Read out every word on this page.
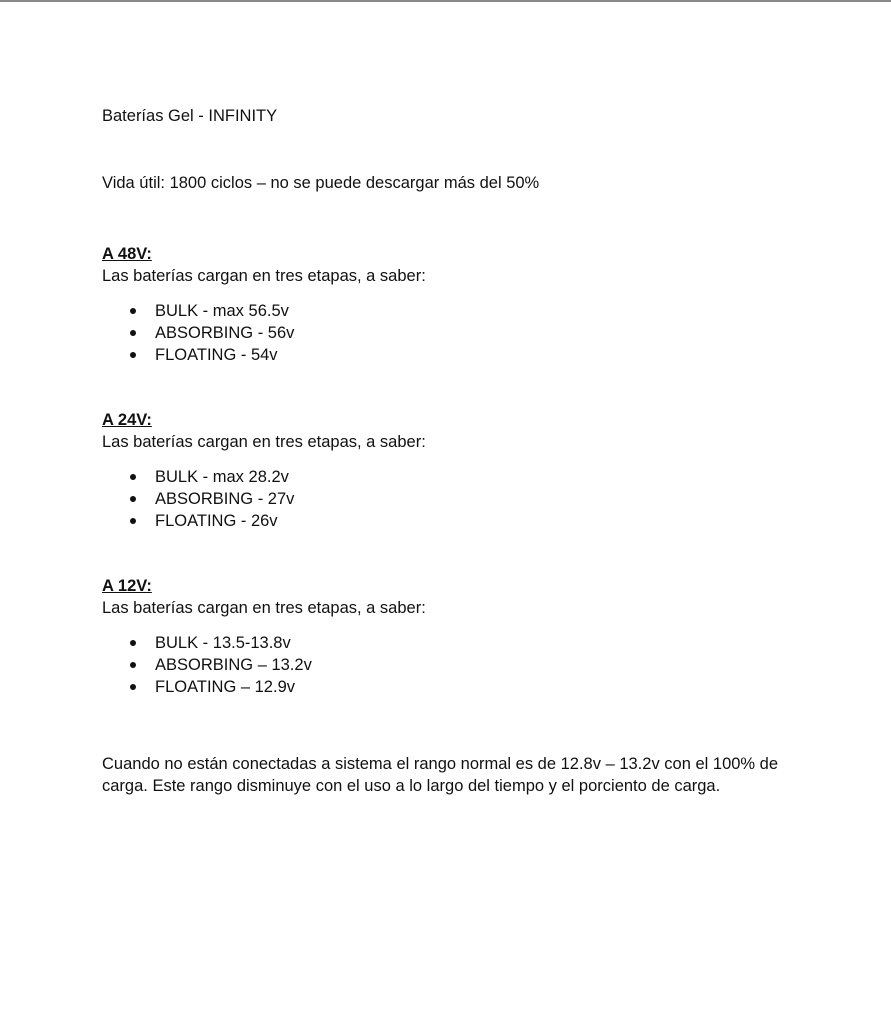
Baterías Gel - INFINITY

Vida útil: 1800 ciclos – no se puede descargar más del 50%

A 48V:
Las baterías cargan en tres etapas, a saber:
BULK - max 56.5v
ABSORBING - 56v
FLOATING - 54v
A 24V:
Las baterías cargan en tres etapas, a saber:
BULK - max 28.2v
ABSORBING - 27v
FLOATING - 26v
A 12V:
Las baterías cargan en tres etapas, a saber:
BULK - 13.5-13.8v
ABSORBING – 13.2v
FLOATING – 12.9v

Cuando no están conectadas a sistema el rango normal es de 12.8v – 13.2v con el 100% de carga. Este rango disminuye con el uso a lo largo del tiempo y el porciento de carga.
